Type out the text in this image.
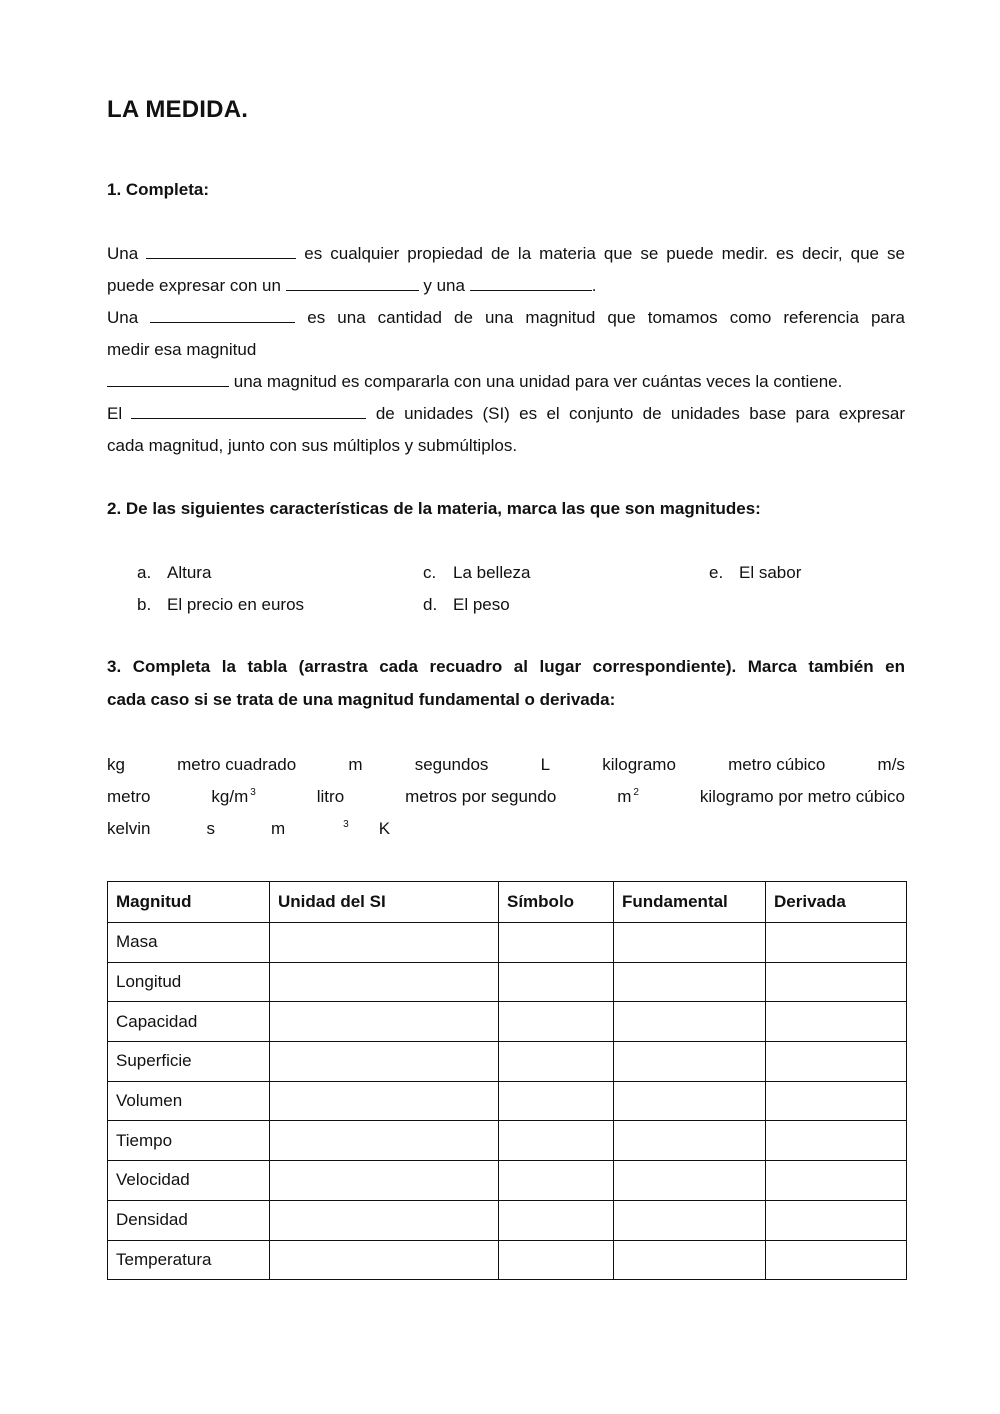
LA MEDIDA.
1. Completa:
Una	es cualquier propiedad de la materia que se puede medir. es decir, que se
puede expresar con un	y una	.
Una	es una cantidad de una magnitud que tomamos como referencia para
medir esa magnitud
una magnitud es compararla con una unidad para ver cuántas veces la contiene.
El	de unidades (SI) es el conjunto de unidades base para expresar
cada magnitud, junto con sus múltiplos y submúltiplos.
2. De las siguientes características de la materia, marca las que son magnitudes:
a. Altura
b. El precio en euros
c. La belleza
d. El peso
e. El sabor
3. Completa la tabla (arrastra cada recuadro al lugar correspondiente). Marca también en
cada caso si se trata de una magnitud fundamental o derivada:
kg	metro cuadrado	m	segundos	L	kilogramo	metro cúbico	m/s
metro	kg/m $^3$	litro	metros por segundo	m $^2$	kilogramo por metro cúbico
kelvin	s	m	$^3$ K
Magnitud	Unidad del SI	Símbolo	Fundamental	Derivada
Masa				
Longitud				
Capacidad				
Superficie				
Volumen				
Tiempo				
Velocidad				
Densidad				
Temperatura				
